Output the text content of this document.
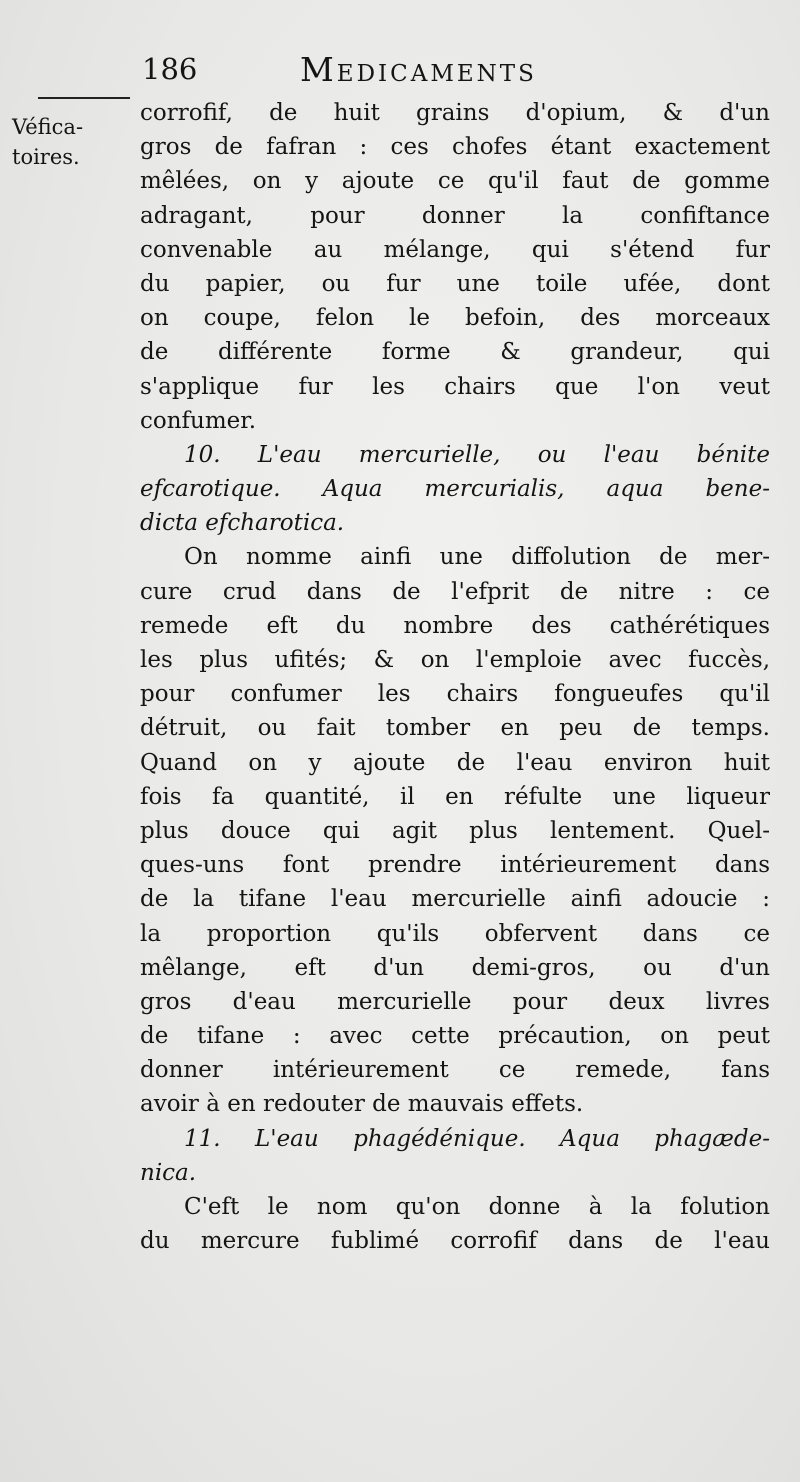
186	Medicaments
Véfica-
toires.
corrofif, de huit grains d'opium, & d'un
gros de fafran : ces chofes étant exactement
mêlées, on y ajoute ce qu'il faut de gomme
adragant, pour donner la confiftance
convenable au mélange, qui s'étend fur
du papier, ou fur une toile ufée, dont
on coupe, felon le befoin, des morceaux
de différente forme & grandeur, qui
s'applique fur les chairs que l'on veut
confumer.
10. L'eau mercurielle, ou l'eau bénite
efcarotique. Aqua mercurialis, aqua bene-
dicta efcharotica.
On nomme ainfi une diffolution de mer-
cure crud dans de l'efprit de nitre : ce
remede eft du nombre des cathérétiques
les plus ufités; & on l'emploie avec fuccès,
pour confumer les chairs fongueufes qu'il
détruit, ou fait tomber en peu de temps.
Quand on y ajoute de l'eau environ huit
fois fa quantité, il en réfulte une liqueur
plus douce qui agit plus lentement. Quel-
ques-uns font prendre intérieurement dans
de la tifane l'eau mercurielle ainfi adoucie :
la proportion qu'ils obfervent dans ce
mêlange, eft d'un demi-gros, ou d'un
gros d'eau mercurielle pour deux livres
de tifane : avec cette précaution, on peut
donner intérieurement ce remede, fans
avoir à en redouter de mauvais effets.
11. L'eau phagédénique. Aqua phagæde-
nica.
C'eft le nom qu'on donne à la folution
du mercure fublimé corrofif dans de l'eau
